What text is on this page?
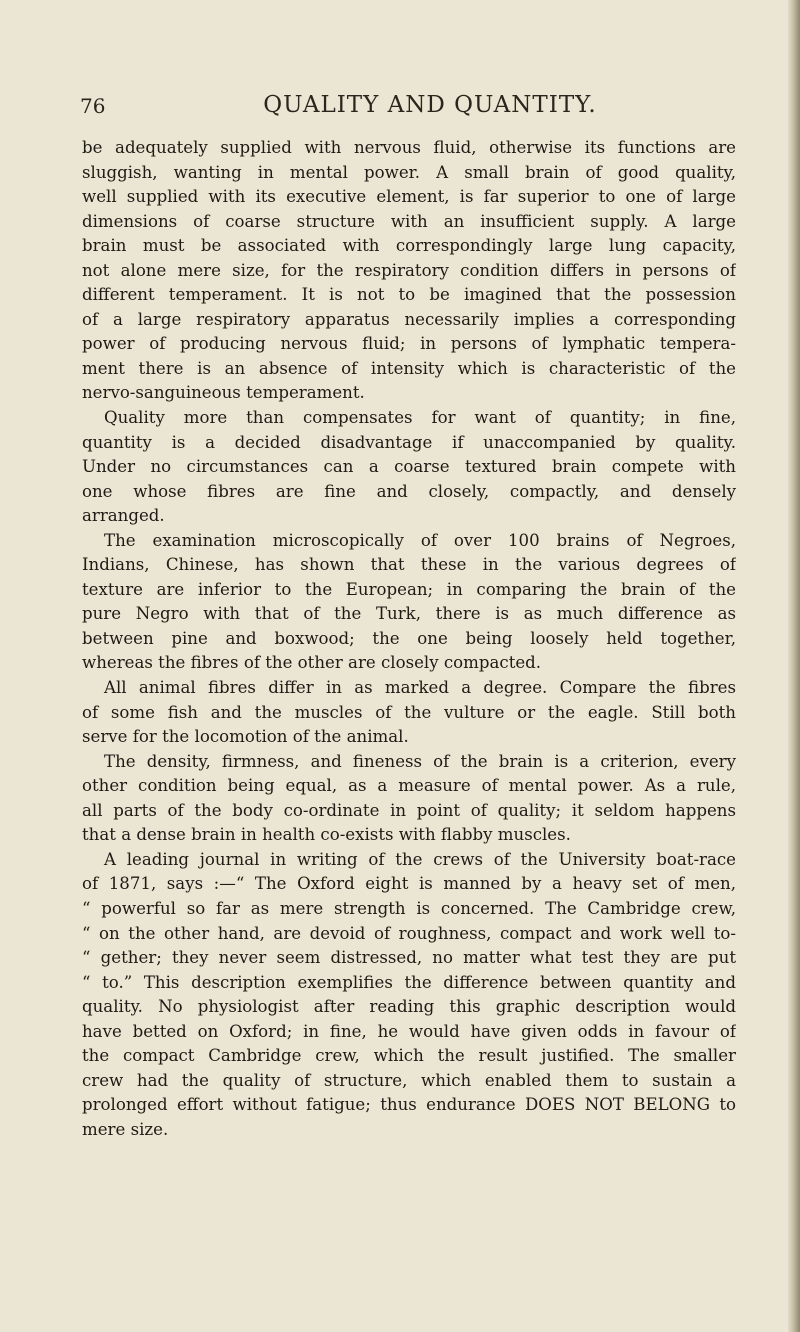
76	QUALITY AND QUANTITY.
be adequately supplied with nervous fluid, otherwise its functions are
sluggish, wanting in mental power. A small brain of good quality,
well supplied with its executive element, is far superior to one of large
dimensions of coarse structure with an insufficient supply. A large
brain must be associated with correspondingly large lung capacity,
not alone mere size, for the respiratory condition differs in persons of
different temperament. It is not to be imagined that the possession
of a large respiratory apparatus necessarily implies a corresponding
power of producing nervous fluid; in persons of lymphatic tempera-
ment there is an absence of intensity which is characteristic of the
nervo-sanguineous temperament.
Quality more than compensates for want of quantity; in fine,
quantity is a decided disadvantage if unaccompanied by quality.
Under no circumstances can a coarse textured brain compete with
one whose fibres are fine and closely, compactly, and densely
arranged.
The examination microscopically of over 100 brains of Negroes,
Indians, Chinese, has shown that these in the various degrees of
texture are inferior to the European; in comparing the brain of the
pure Negro with that of the Turk, there is as much difference as
between pine and boxwood; the one being loosely held together,
whereas the fibres of the other are closely compacted.
All animal fibres differ in as marked a degree. Compare the fibres
of some fish and the muscles of the vulture or the eagle. Still both
serve for the locomotion of the animal.
The density, firmness, and fineness of the brain is a criterion, every
other condition being equal, as a measure of mental power. As a rule,
all parts of the body co-ordinate in point of quality; it seldom happens
that a dense brain in health co-exists with flabby muscles.
A leading journal in writing of the crews of the University boat-race
of 1871, says :—“ The Oxford eight is manned by a heavy set of men,
“ powerful so far as mere strength is concerned. The Cambridge crew,
“ on the other hand, are devoid of roughness, compact and work well to-
“ gether; they never seem distressed, no matter what test they are put
“ to.” This description exemplifies the difference between quantity and
quality. No physiologist after reading this graphic description would
have betted on Oxford; in fine, he would have given odds in favour of
the compact Cambridge crew, which the result justified. The smaller
crew had the quality of structure, which enabled them to sustain a
prolonged effort without fatigue; thus endurance DOES NOT BELONG to
mere size.
